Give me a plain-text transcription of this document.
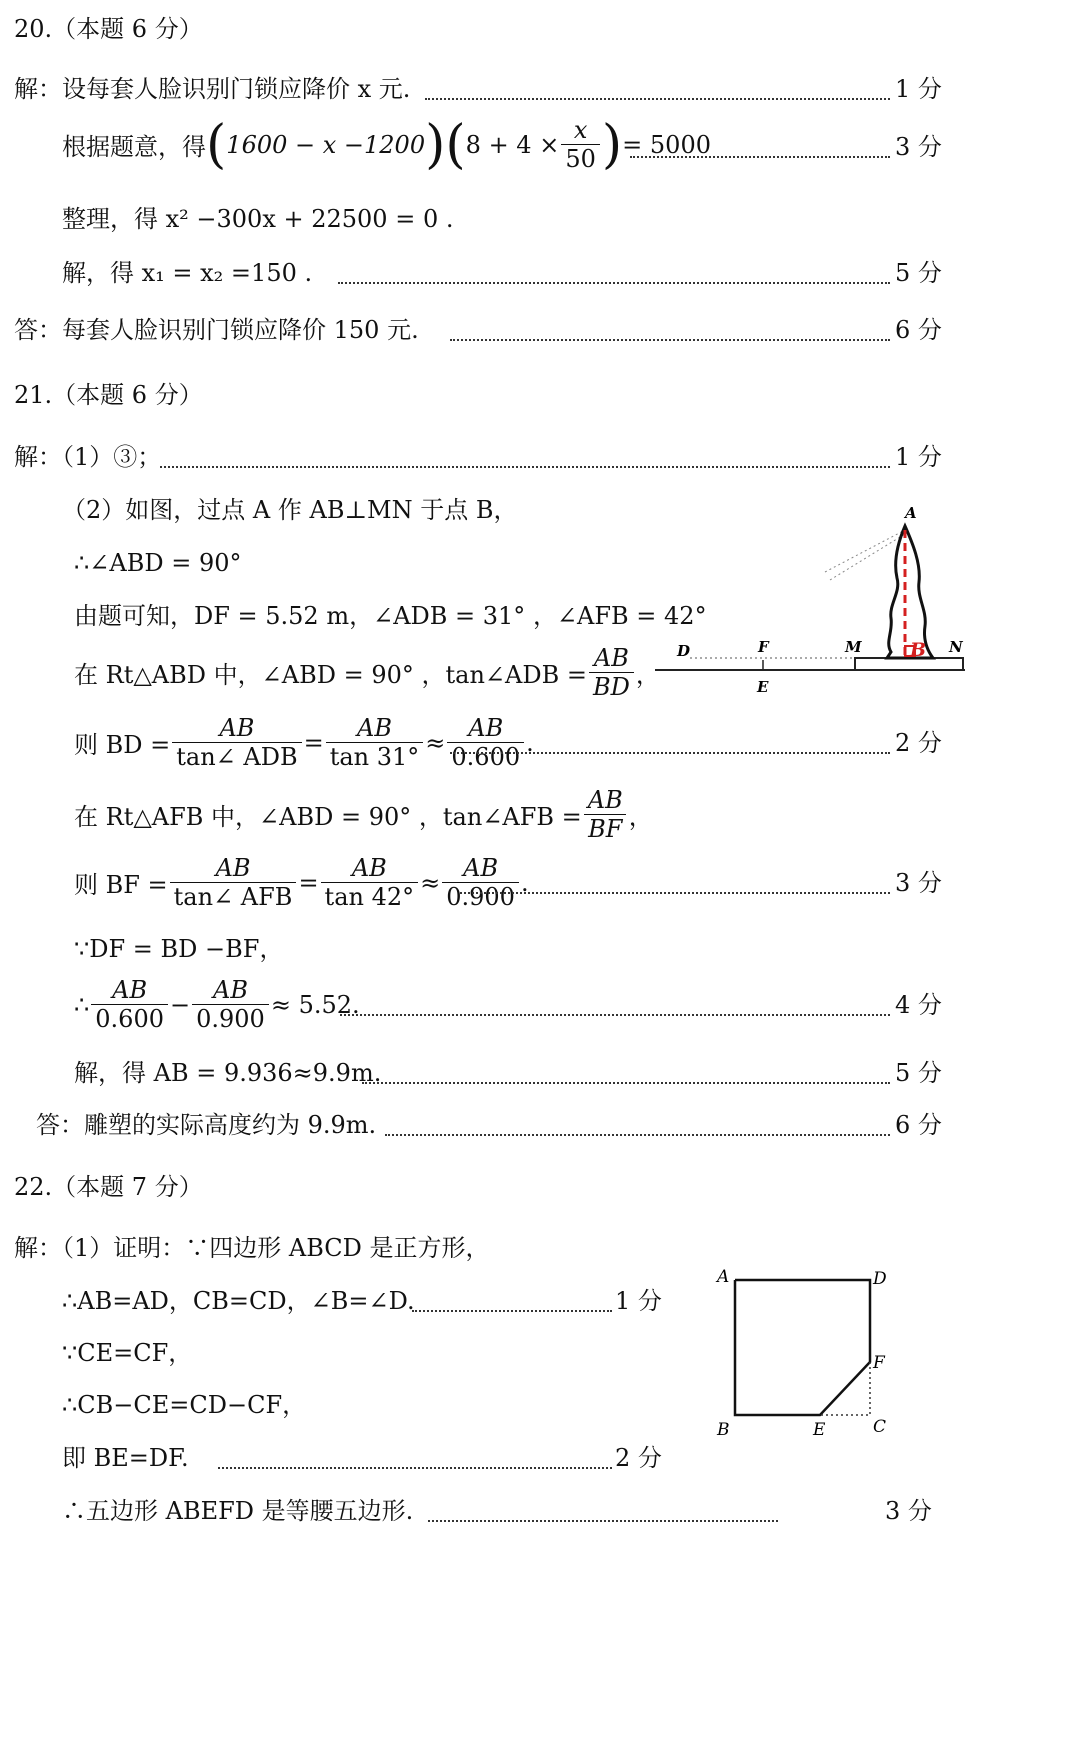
20.（本题 6 分）
解：设每套人脸识别门锁应降价 x 元.	1 分
根据题意，得 ( 1600 − x −1200 )( $8 + 4 \times \frac{x}{50}$ ) = 5000	3 分
整理，得 x² −300x + 22500 = 0 .
解，得 x₁ = x₂ =150 .	5 分
答：每套人脸识别门锁应降价 150 元.	6 分
21.（本题 6 分）
解：（1）③；	1 分
（2）如图，过点 A 作 AB⊥MN 于点 B，
∴∠ABD = 90°
由题可知，DF = 5.52 m，∠ADB = 31° ，∠AFB = 42°
在 Rt△ABD 中，∠ABD = 90° ，tan∠ADB = $\frac{AB}{BD}$ ，
则 BD = $\frac{AB}{\text{tan∠ ADB}} = \frac{AB}{\tan 31^\circ} \approx \frac{AB}{0.600}$ .	2 分
在 Rt△AFB 中，∠ABD = 90° ，tan∠AFB = $\frac{AB}{BF}$ ，
则 BF = $\frac{AB}{\text{tan∠ AFB}} = \frac{AB}{\tan 42^\circ} \approx \frac{AB}{0.900}$ .	3 分
∵DF = BD −BF，
∴ $\frac{AB}{0.600} - \frac{AB}{0.900} \approx 5.52$.	4 分
解，得 AB = 9.936≈9.9m.	5 分
答：雕塑的实际高度约为 9.9m.	6 分
A
B
D	F
E
M	N
22.（本题 7 分）
解：（1）证明：∵四边形 ABCD 是正方形，
∴AB=AD，CB=CD，∠B=∠D.	1 分
∵CE=CF，
∴CB−CE=CD−CF，
即 BE=DF.	2 分
∴五边形 ABEFD 是等腰五边形.	3 分
A	D
F
B	E	C
